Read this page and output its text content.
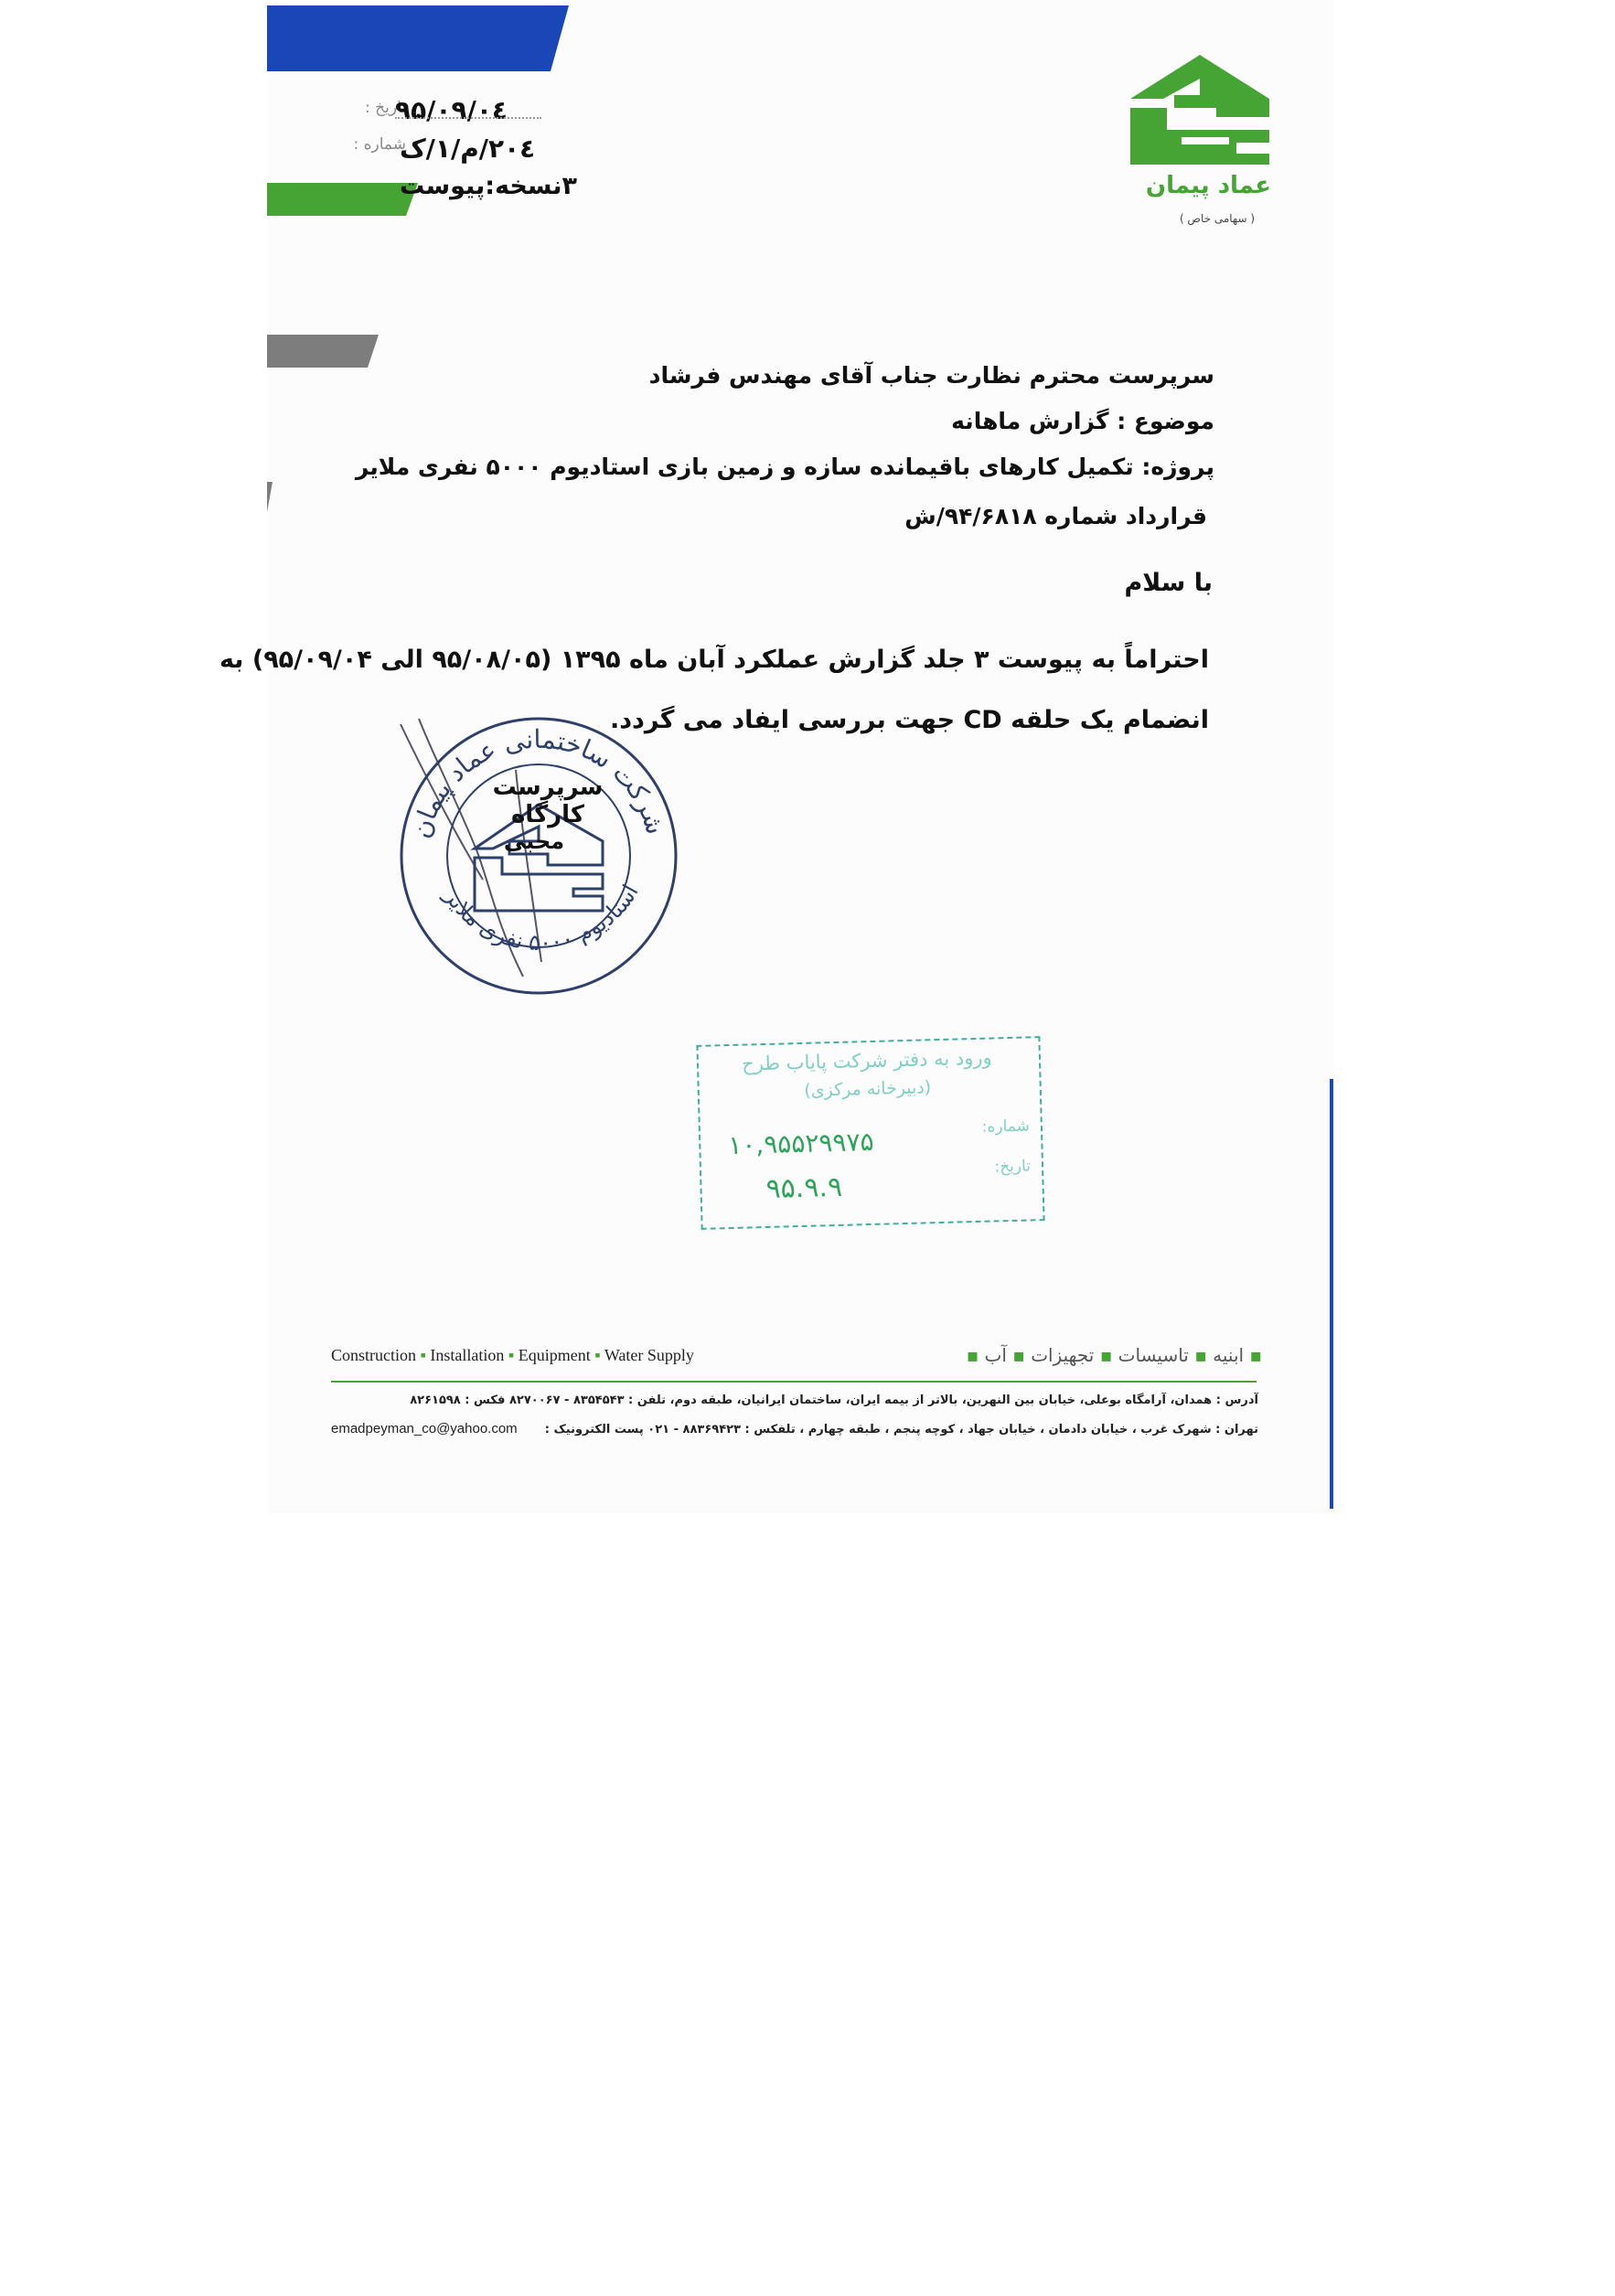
تاریخ :
۹۵/۰۹/۰٤
شماره :
۲۰٤/م/۱/ک
۳نسخه:پیوست	عماد پیمان
( سهامی خاص )
سرپرست محترم نظارت جناب آقای مهندس فرشاد
موضوع : گزارش ماهانه
پروژه: تکمیل کارهای باقیمانده سازه و زمین بازی استادیوم ۵۰۰۰ نفری ملایر
قرارداد شماره ۹۴/۶۸۱۸/ش
با سلام
احتراماً به پیوست ۳ جلد گزارش عملکرد آبان ماه ۱۳۹۵ (۹۵/۰۸/۰۵ الی ۹۵/۰۹/۰۴) به
انضمام یک حلقه CD جهت بررسی ایفاد می گردد.
شرکت ساختمانی عماد پیمان
استادیوم ۵۰۰۰ نفری ملایر
سرپرست کارگاه
محبی
ورود به دفتر شرکت پایاب طرح
(دبیرخانه مرکزی)
شماره:
تاریخ:
۱۰,۹۵۵۲۹۹۷۵
۹۵.۹.۹
Construction ▪ Installation ▪ Equipment ▪ Water Supply	▪ ابنیه ▪ تاسیسات ▪ تجهیزات ▪ آب ▪
آدرس : همدان، آرامگاه بوعلی، خیابان بین النهرین، بالاتر از بیمه ایران، ساختمان ایرانیان، طبقه دوم، تلفن : ۸۳۵۴۵۴۳ - ۸۲۷۰۰۶۷ فکس : ۸۲۶۱۵۹۸
تهران : شهرک غرب ، خیابان دادمان ، خیابان جهاد ، کوچه پنجم ، طبقه چهارم ، تلفکس : ۸۸۳۶۹۴۲۳ - ۰۲۱ پست الکترونیک :
emadpeyman_co@yahoo.com
